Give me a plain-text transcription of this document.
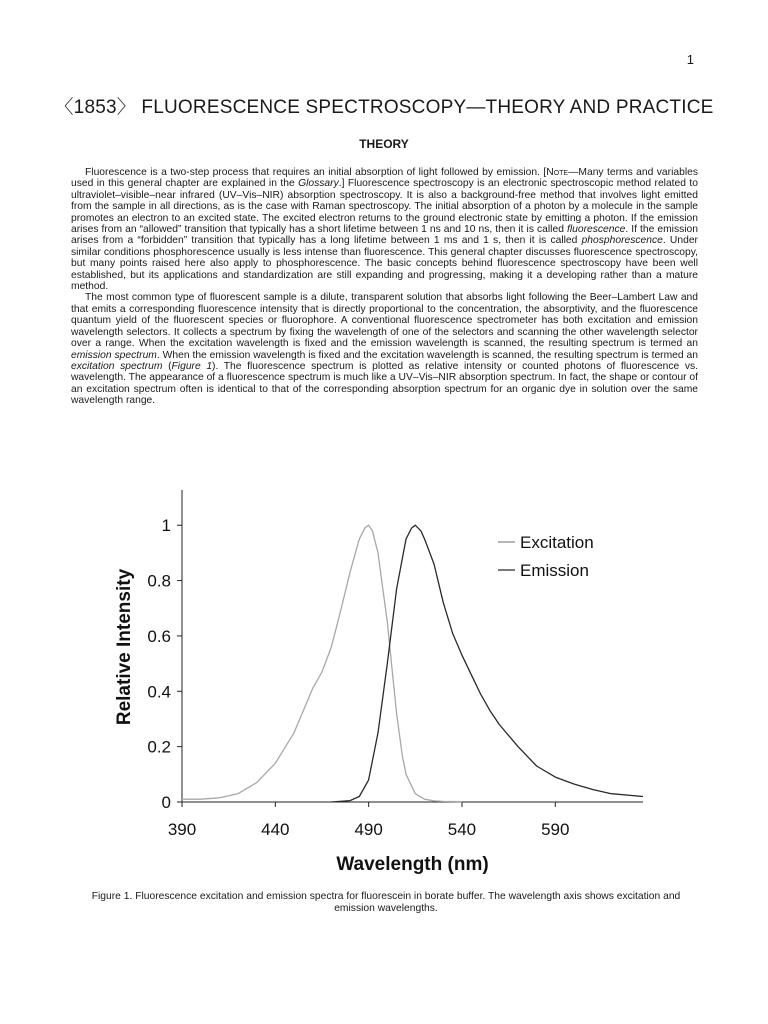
1
〈1853〉 FLUORESCENCE SPECTROSCOPY—THEORY AND PRACTICE
THEORY

Fluorescence is a two-step process that requires an initial absorption of light followed by emission. [Note—Many terms and variables used in this general chapter are explained in the Glossary.] Fluorescence spectroscopy is an electronic spectroscopic method related to ultraviolet–visible–near infrared (UV–Vis–NIR) absorption spectroscopy. It is also a background-free method that involves light emitted from the sample in all directions, as is the case with Raman spectroscopy. The initial absorption of a photon by a molecule in the sample promotes an electron to an excited state. The excited electron returns to the ground electronic state by emitting a photon. If the emission arises from an “allowed” transition that typically has a short lifetime between 1 ns and 10 ns, then it is called fluorescence. If the emission arises from a “forbidden” transition that typically has a long lifetime between 1 ms and 1 s, then it is called phosphorescence. Under similar conditions phosphorescence usually is less intense than fluorescence. This general chapter discusses fluorescence spectroscopy, but many points raised here also apply to phosphorescence. The basic concepts behind fluorescence spectroscopy have been well established, but its applications and standardization are still expanding and progressing, making it a developing rather than a mature method.

The most common type of fluorescent sample is a dilute, transparent solution that absorbs light following the Beer–Lambert Law and that emits a corresponding fluorescence intensity that is directly proportional to the concentration, the absorptivity, and the fluorescence quantum yield of the fluorescent species or fluorophore. A conventional fluorescence spectrometer has both excitation and emission wavelength selectors. It collects a spectrum by fixing the wavelength of one of the selectors and scanning the other wavelength selector over a range. When the excitation wavelength is fixed and the emission wavelength is scanned, the resulting spectrum is termed an emission spectrum. When the emission wavelength is fixed and the excitation wavelength is scanned, the resulting spectrum is termed an excitation spectrum (Figure 1). The fluorescence spectrum is plotted as relative intensity or counted photons of fluorescence vs. wavelength. The appearance of a fluorescence spectrum is much like a UV–Vis–NIR absorption spectrum. In fact, the shape or contour of an excitation spectrum often is identical to that of the corresponding absorption spectrum for an organic dye in solution over the same wavelength range.

0
0.2
0.4
0.6
0.8
1
390	440	490	540	590
Wavelength (nm)
Relative Intensity
Excitation
Emission
Figure 1. Fluorescence excitation and emission spectra for fluorescein in borate buffer. The wavelength axis shows excitation and emission wavelengths.
